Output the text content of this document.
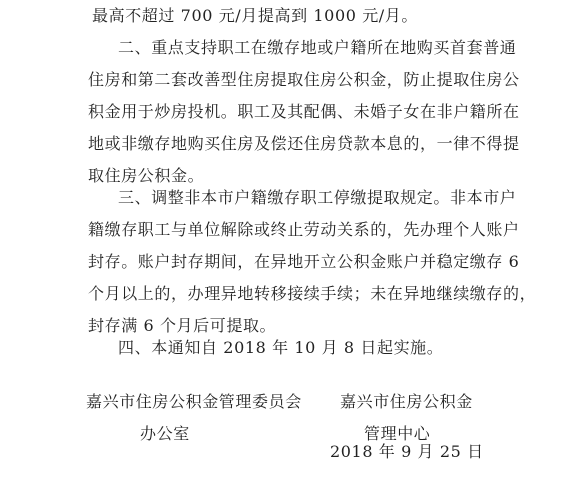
最高不超过 700 元/月提高到 1000 元/月。
二、重点支持职工在缴存地或户籍所在地购买首套普通
住房和第二套改善型住房提取住房公积金，防止提取住房公
积金用于炒房投机。职工及其配偶、未婚子女在非户籍所在
地或非缴存地购买住房及偿还住房贷款本息的，一律不得提
取住房公积金。
三、调整非本市户籍缴存职工停缴提取规定。非本市户
籍缴存职工与单位解除或终止劳动关系的，先办理个人账户
封存。账户封存期间，在异地开立公积金账户并稳定缴存 6
个月以上的，办理异地转移接续手续；未在异地继续缴存的，
封存满 6 个月后可提取。
四、本通知自 2018 年 10 月 8 日起实施。
嘉兴市住房公积金管理委员会
办公室
嘉兴市住房公积金
管理中心
2018 年 9 月 25 日
